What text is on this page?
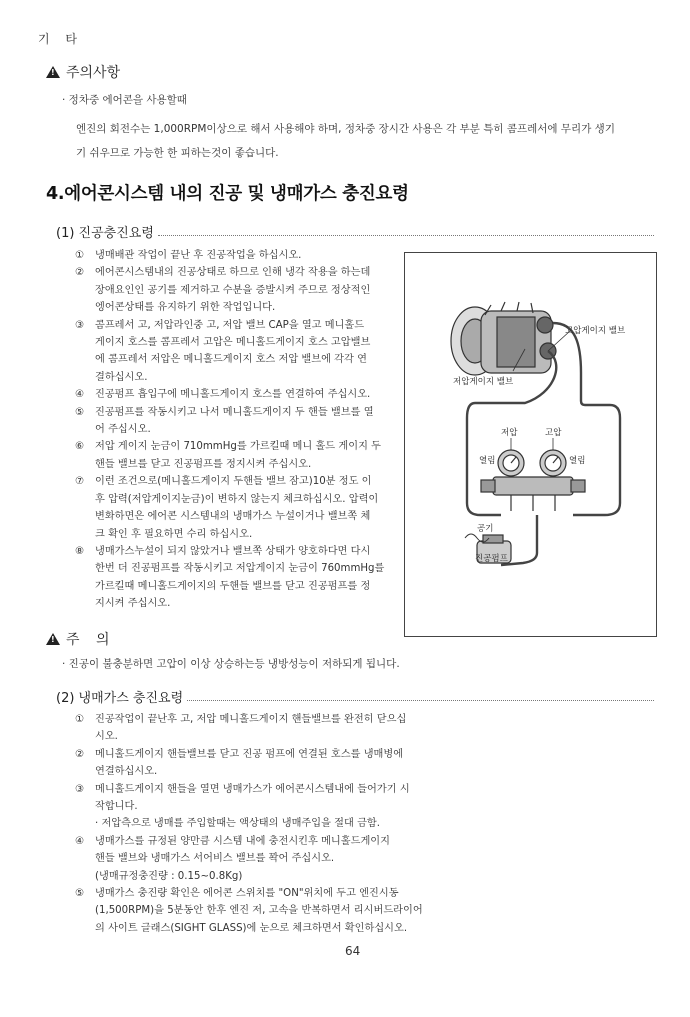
기 타
!
주의사항
· 정차중 에어콘을 사용할때
엔진의 회전수는 1,000RPM이상으로 해서 사용해야 하며, 정차중 장시간 사용은 각 부분 특히 콤프레서에 무리가 생기
기 쉬우므로 가능한 한 피하는것이 좋습니다.
4.에어콘시스템 내의 진공 및 냉매가스 충진요령
(1) 진공충진요령
①	냉매배관 작업이 끝난 후 진공작업을 하십시오.
②	에어콘시스템내의 진공상태로 하므로 인해 냉각 작용을 하는데
장애요인인 공기를 제거하고 수분을 증발시켜 주므로 정상적인
엥어콘상태를 유지하기 위한 작업입니다.
③	콤프레서 고, 저압라인중 고, 저압 밸브 CAP을 열고 메니홀드
게이지 호스를 콤프레서 고압은 메니홀드게이지 호스 고압밸브
에 콤프레서 저압은 메니홀드게이지 호스 저압 밸브에 각각 연
결하십시오.
④	진공펌프 흡입구에 메니홀드게이지 호스를 연결하여 주십시오.
⑤	진공펌프를 작동시키고 나서 메니홀드게이지 두 핸들 밸브를 열
어 주십시오.
⑥	저압 게이지 눈금이 710mmHg를 가르킬때 메니 홀드 게이지 두
핸들 밸브를 닫고 진공펌프를 정지시켜 주십시오.
⑦	이런 조건으로(메니홀드게이지 두핸들 밸브 잠고)10분 정도 이
후 압력(저압게이지눈금)이 변하지 않는지 체크하십시오. 압력이
변화하면은 에어콘 시스템내의 냉매가스 누설이거나 밸브쪽 체
크 확인 후 필요하면 수리 하십시오.
⑧	냉매가스누설이 되지 않았거나 밸브쪽 상태가 양호하다면 다시
한번 더 진공펌프를 작동시키고 저압게이지 눈금이 760mmHg를
가르킬때 메니홀드게이지의 두핸들 밸브를 닫고 진공펌프를 정
지시켜 주십시오.
고압게이지 밸브
저압게이지 밸브
저압	고압
열림	열림
공기
진공펌프
!
주 의
· 진공이 불충분하면 고압이 이상 상승하는등 냉방성능이 저하되게 됩니다.
(2) 냉매가스 충진요령
①	진공작업이 끝난후 고, 저압 메니홀드게이지 핸들밸브를 완전히 닫으십
시오.
②	메니홀드게이지 핸들밸브를 닫고 진공 펌프에 연결된 호스를 냉매병에
연결하십시오.
③	메니홀드게이지 핸들을 열면 냉매가스가 에어콘시스템내에 들어가기 시
작합니다.
· 저압측으로 냉매를 주입할때는 액상태의 냉매주입을 절대 금함.
④	냉매가스를 규정된 양만큼 시스템 내에 충전시킨후 메니홀드게이지
핸들 밸브와 냉매가스 서어비스 밸브를 꽉어 주십시오.
(냉매규정충진량 : 0.15~0.8Kg)
⑤	냉매가스 충진량 확인은 에어콘 스위치를 "ON"위치에 두고 엔진시동
(1,500RPM)을 5분동안 한후 엔진 저, 고속을 반복하면서 리시버드라이어
의 사이트 글래스(SIGHT GLASS)에 눈으로 체크하면서 확인하십시오.
64
